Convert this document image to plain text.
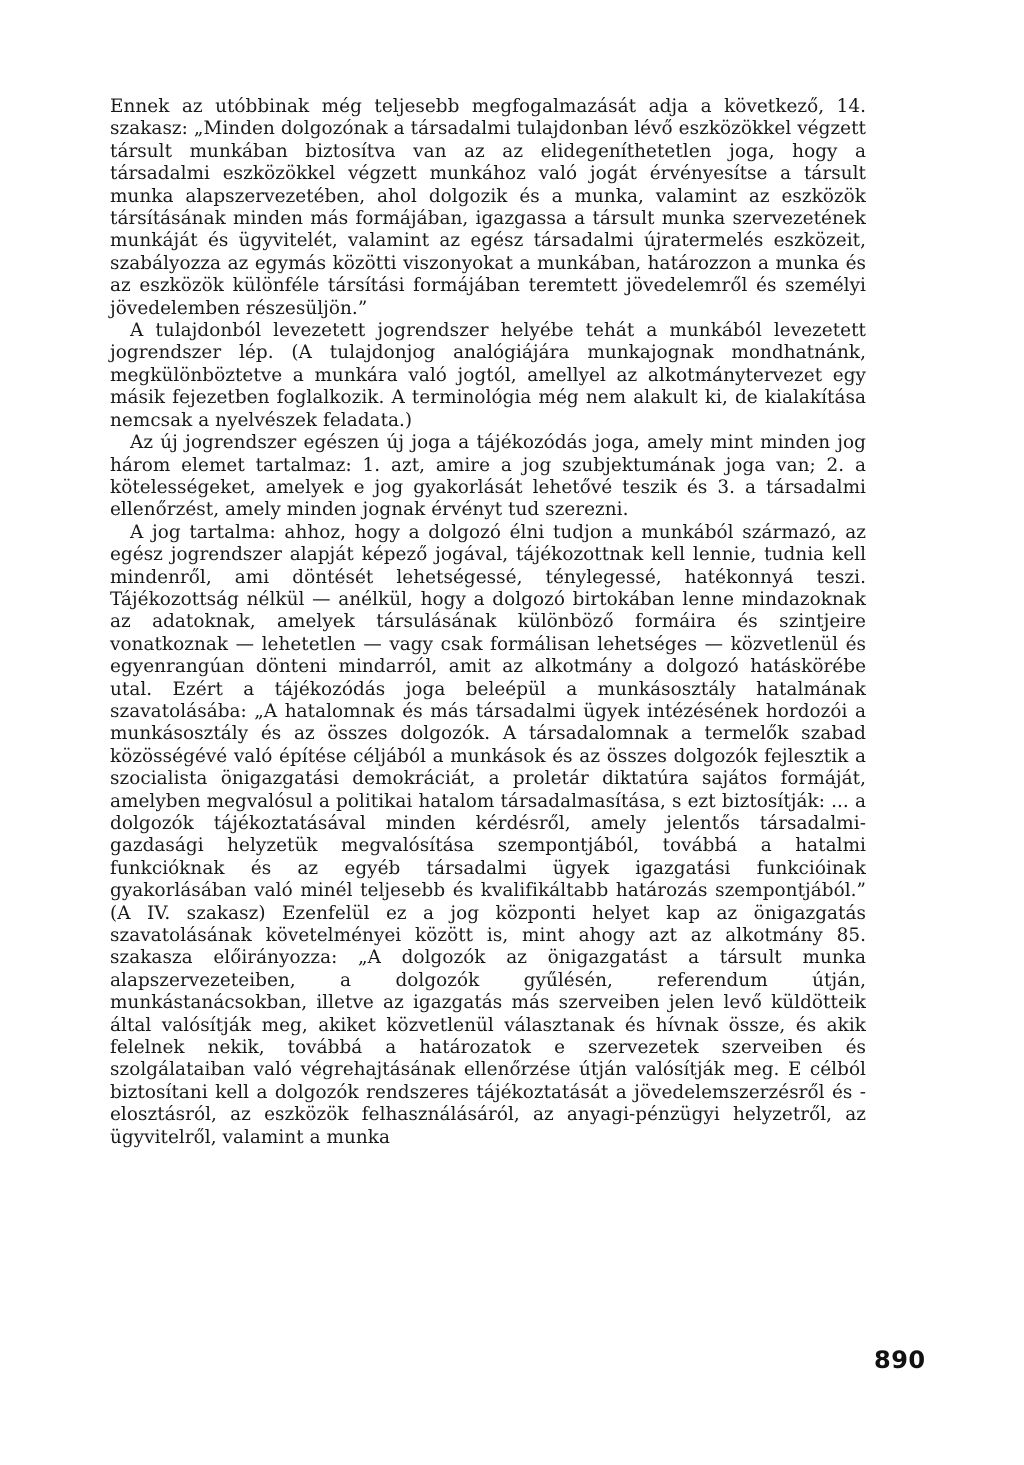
Ennek az utóbbinak még teljesebb megfogalmazását adja a következő, 14. szakasz: „Minden dolgozónak a társadalmi tulajdonban lévő eszközökkel végzett társult munkában biztosítva van az az elidegeníthetetlen joga, hogy a társadalmi eszközökkel végzett munkához való jogát érvényesítse a társult munka alapszervezetében, ahol dolgozik és a munka, valamint az eszközök társításának minden más formájában, igazgassa a társult munka szervezetének munkáját és ügyvitelét, valamint az egész társadalmi újratermelés eszközeit, szabályozza az egymás közötti viszonyokat a munkában, határozzon a munka és az eszközök különféle társítási formájában teremtett jövedelemről és személyi jövedelemben részesüljön.”

A tulajdonból levezetett jogrendszer helyébe tehát a munkából levezetett jogrendszer lép. (A tulajdonjog analógiájára munkajognak mondhatnánk, megkülönböztetve a munkára való jogtól, amellyel az alkotmánytervezet egy másik fejezetben foglalkozik. A terminológia még nem alakult ki, de kialakítása nemcsak a nyelvészek feladata.)

Az új jogrendszer egészen új joga a tájékozódás joga, amely mint minden jog három elemet tartalmaz: 1. azt, amire a jog szubjektumának joga van; 2. a kötelességeket, amelyek e jog gyakorlását lehetővé teszik és 3. a társadalmi ellenőrzést, amely minden jognak érvényt tud szerezni.

A jog tartalma: ahhoz, hogy a dolgozó élni tudjon a munkából származó, az egész jogrendszer alapját képező jogával, tájékozottnak kell lennie, tudnia kell mindenről, ami döntését lehetségessé, ténylegessé, hatékonnyá teszi. Tájékozottság nélkül — anélkül, hogy a dolgozó birtokában lenne mindazoknak az adatoknak, amelyek társulásának különböző formáira és szintjeire vonatkoznak — lehetetlen — vagy csak formálisan lehetséges — közvetlenül és egyenrangúan dönteni mindarról, amit az alkotmány a dolgozó hatáskörébe utal. Ezért a tájékozódás joga beleépül a munkásosztály hatalmának szavatolásába: „A hatalomnak és más társadalmi ügyek intézésének hordozói a munkásosztály és az összes dolgozók. A társadalomnak a termelők szabad közösségévé való építése céljából a munkások és az összes dolgozók fejlesztik a szocialista önigazgatási demokráciát, a proletár diktatúra sajátos formáját, amelyben megvalósul a politikai hatalom társadalmasítása, s ezt biztosítják: ... a dolgozók tájékoztatásával minden kérdésről, amely jelentős társadalmi-gazdasági helyzetük megvalósítása szempontjából, továbbá a hatalmi funkcióknak és az egyéb társadalmi ügyek igazgatási funkcióinak gyakorlásában való minél teljesebb és kvalifikáltabb határozás szempontjából.” (A IV. szakasz) Ezenfelül ez a jog központi helyet kap az önigazgatás szavatolásának követelményei között is, mint ahogy azt az alkotmány 85. szakasza előirányozza: „A dolgozók az önigazgatást a társult munka alapszervezeteiben, a dolgozók gyűlésén, referendum útján, munkástanácsokban, illetve az igazgatás más szerveiben jelen levő küldötteik által valósítják meg, akiket közvetlenül választanak és hívnak össze, és akik felelnek nekik, továbbá a határozatok e szervezetek szerveiben és szolgálataiban való végrehajtásának ellenőrzése útján valósítják meg. E célból biztosítani kell a dolgozók rendszeres tájékoztatását a jövedelemszerzésről és -elosztásról, az eszközök felhasználásáról, az anyagi-pénzügyi helyzetről, az ügyvitelről, valamint a munka

890
